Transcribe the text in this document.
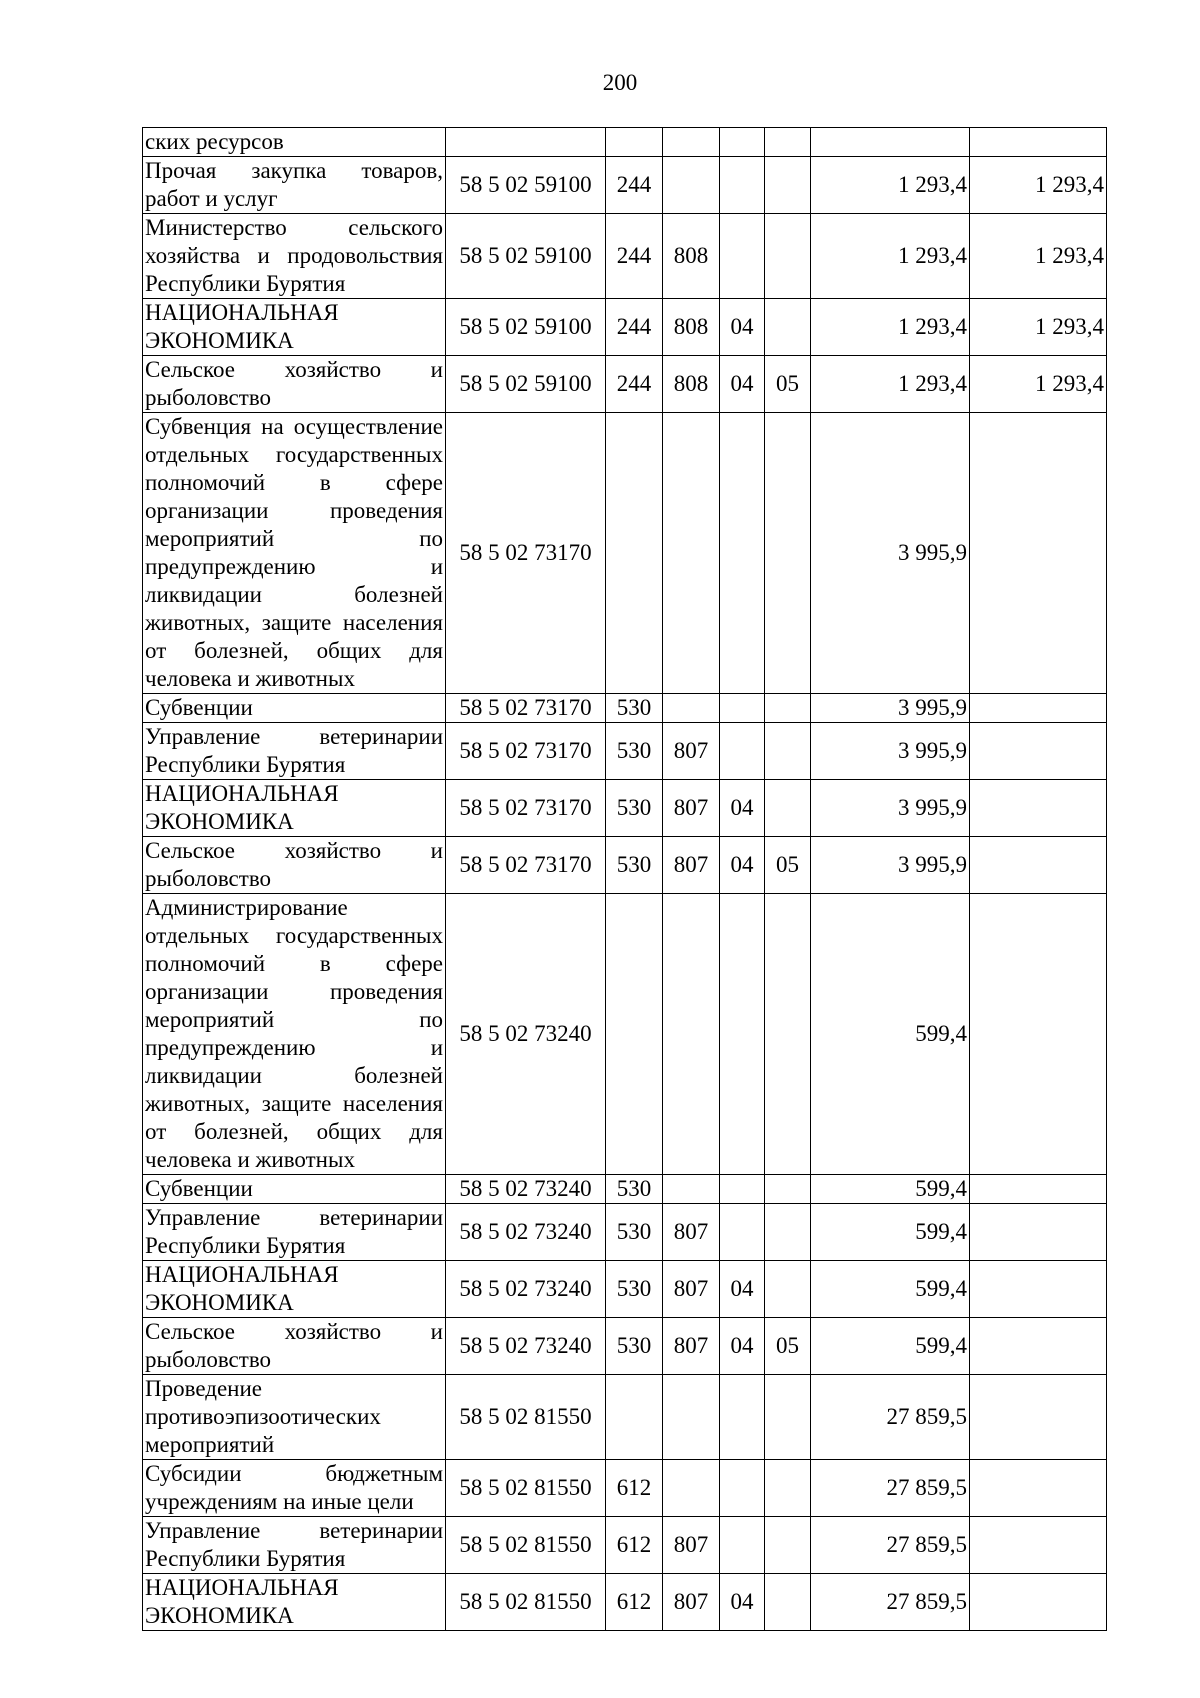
200
ских ресурсов							
Прочая закупка товаров, работ и услуг	58 5 02 59100	244				1 293,4	1 293,4
Министерство сельского хозяйства и продовольствия Республики Бурятия	58 5 02 59100	244	808			1 293,4	1 293,4
НАЦИОНАЛЬНАЯ ЭКОНОМИКА	58 5 02 59100	244	808	04		1 293,4	1 293,4
Сельское хозяйство и рыболовство	58 5 02 59100	244	808	04	05	1 293,4	1 293,4
Субвенция на осуществление отдельных государственных полномочий в сфере организации проведения мероприятий по предупреждению и ликвидации болезней животных, защите населения от болезней, общих для человека и животных	58 5 02 73170					3 995,9	
Субвенции	58 5 02 73170	530				3 995,9	
Управление ветеринарии Республики Бурятия	58 5 02 73170	530	807			3 995,9	
НАЦИОНАЛЬНАЯ ЭКОНОМИКА	58 5 02 73170	530	807	04		3 995,9	
Сельское хозяйство и рыболовство	58 5 02 73170	530	807	04	05	3 995,9	
Администрирование отдельных государственных полномочий в сфере организации проведения мероприятий по предупреждению и ликвидации болезней животных, защите населения от болезней, общих для человека и животных	58 5 02 73240					599,4	
Субвенции	58 5 02 73240	530				599,4	
Управление ветеринарии Республики Бурятия	58 5 02 73240	530	807			599,4	
НАЦИОНАЛЬНАЯ ЭКОНОМИКА	58 5 02 73240	530	807	04		599,4	
Сельское хозяйство и рыболовство	58 5 02 73240	530	807	04	05	599,4	
Проведение противоэпизоотических мероприятий	58 5 02 81550					27 859,5	
Субсидии бюджетным учреждениям на иные цели	58 5 02 81550	612				27 859,5	
Управление ветеринарии Республики Бурятия	58 5 02 81550	612	807			27 859,5	
НАЦИОНАЛЬНАЯ ЭКОНОМИКА	58 5 02 81550	612	807	04		27 859,5	
